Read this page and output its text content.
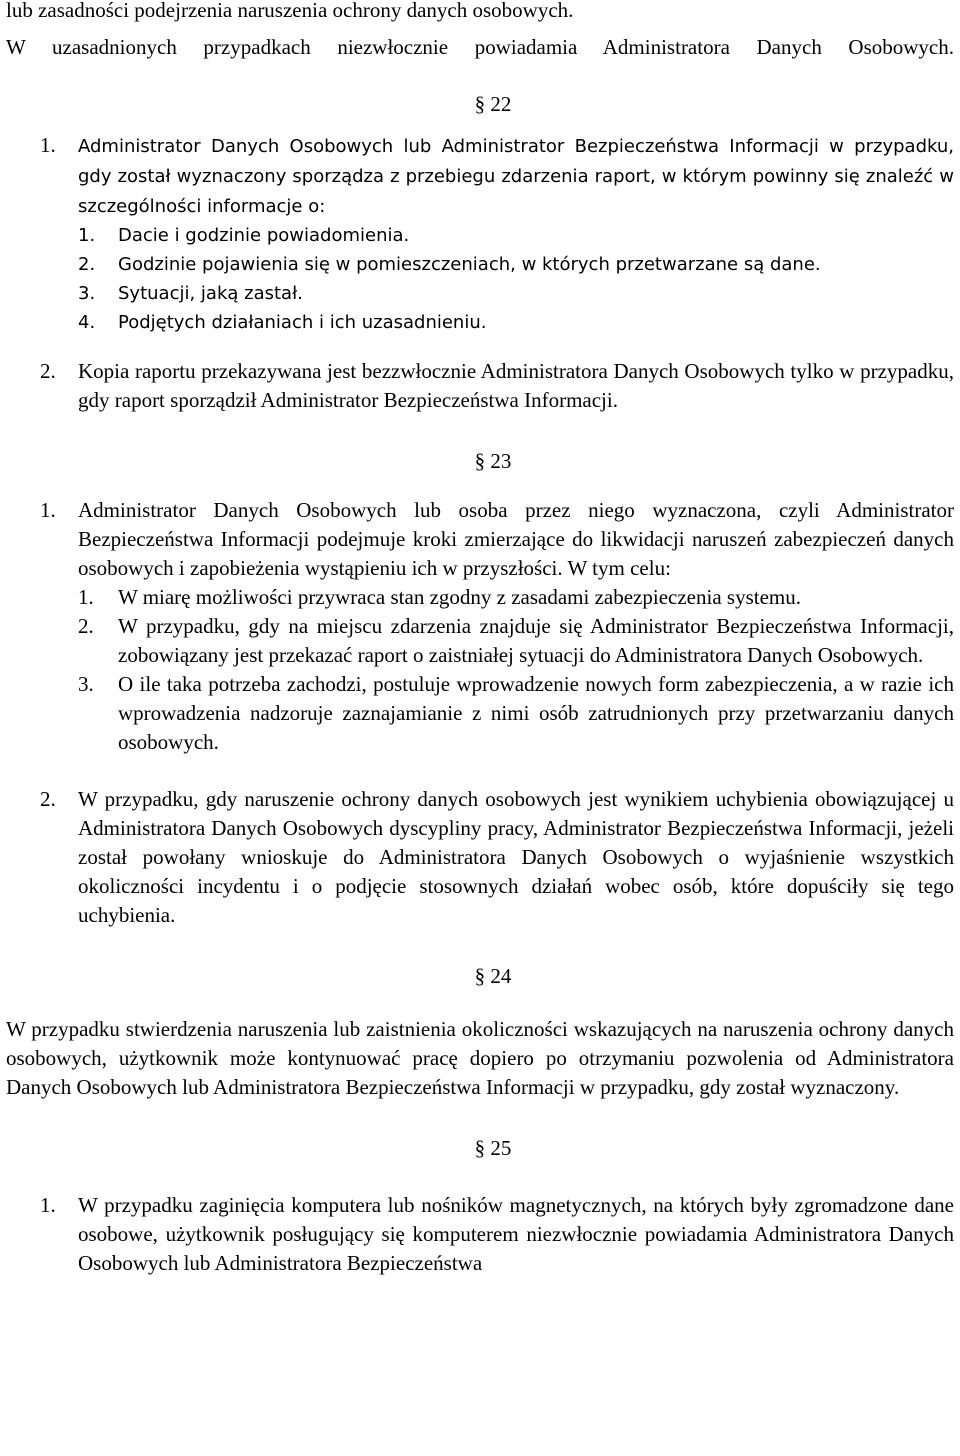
lub zasadności podejrzenia naruszenia ochrony danych osobowych.

W uzasadnionych przypadkach niezwłocznie powiadamia Administratora Danych Osobowych.

§ 22
1. Administrator Danych Osobowych lub Administrator Bezpieczeństwa Informacji w przypadku, gdy został wyznaczony sporządza z przebiegu zdarzenia raport, w którym powinny się znaleźć w szczególności informacje o:
1. Dacie i godzinie powiadomienia.
2. Godzinie pojawienia się w pomieszczeniach, w których przetwarzane są dane.
3. Sytuacji, jaką zastał.
4. Podjętych działaniach i ich uzasadnieniu.
2. Kopia raportu przekazywana jest bezzwłocznie Administratora Danych Osobowych tylko w przypadku, gdy raport sporządził Administrator Bezpieczeństwa Informacji.
§ 23
1. Administrator Danych Osobowych lub osoba przez niego wyznaczona, czyli Administrator Bezpieczeństwa Informacji podejmuje kroki zmierzające do likwidacji naruszeń zabezpieczeń danych osobowych i zapobieżenia wystąpieniu ich w przyszłości. W tym celu:
1. W miarę możliwości przywraca stan zgodny z zasadami zabezpieczenia systemu.
2. W przypadku, gdy na miejscu zdarzenia znajduje się Administrator Bezpieczeństwa Informacji, zobowiązany jest przekazać raport o zaistniałej sytuacji do Administratora Danych Osobowych.
3. O ile taka potrzeba zachodzi, postuluje wprowadzenie nowych form zabezpieczenia, a w razie ich wprowadzenia nadzoruje zaznajamianie z nimi osób zatrudnionych przy przetwarzaniu danych osobowych.
2. W przypadku, gdy naruszenie ochrony danych osobowych jest wynikiem uchybienia obowiązującej u Administratora Danych Osobowych dyscypliny pracy, Administrator Bezpieczeństwa Informacji, jeżeli został powołany wnioskuje do Administratora Danych Osobowych o wyjaśnienie wszystkich okoliczności incydentu i o podjęcie stosownych działań wobec osób, które dopuściły się tego uchybienia.
§ 24

W przypadku stwierdzenia naruszenia lub zaistnienia okoliczności wskazujących na naruszenia ochrony danych osobowych, użytkownik może kontynuować pracę dopiero po otrzymaniu pozwolenia od Administratora Danych Osobowych lub Administratora Bezpieczeństwa Informacji w przypadku, gdy został wyznaczony.

§ 25
1. W przypadku zaginięcia komputera lub nośników magnetycznych, na których były zgromadzone dane osobowe, użytkownik posługujący się komputerem niezwłocznie powiadamia Administratora Danych Osobowych lub Administratora Bezpieczeństwa
